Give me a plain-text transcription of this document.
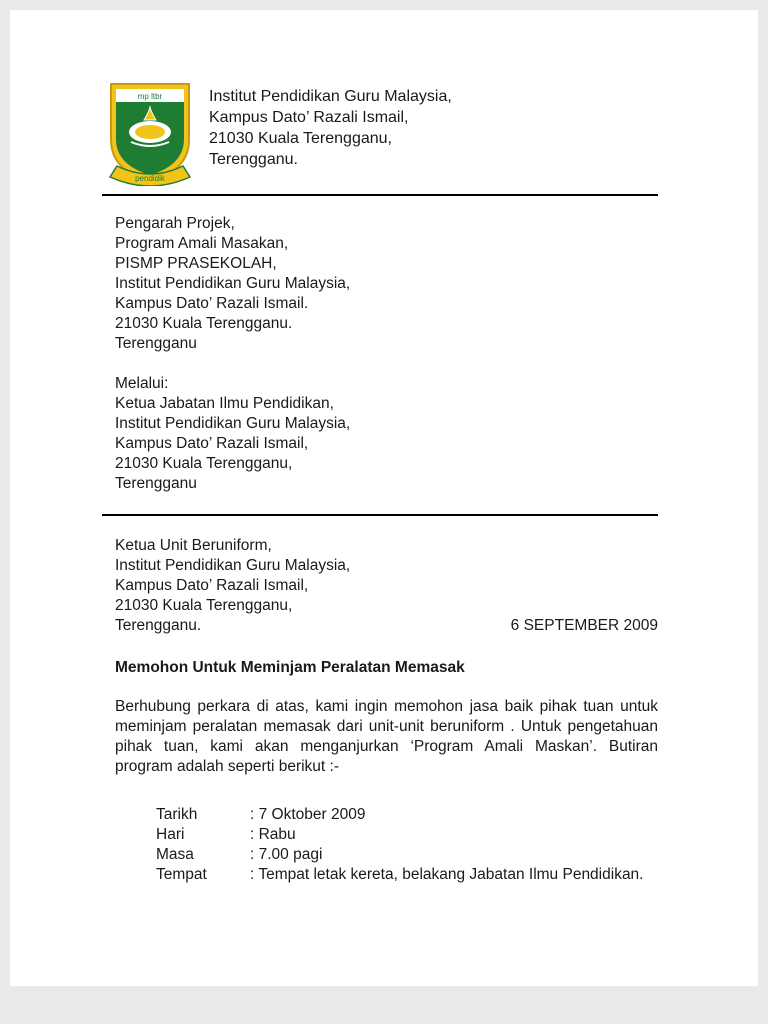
mp ltbr
pendidik
Institut Pendidikan Guru Malaysia,
Kampus Dato’ Razali Ismail,
21030 Kuala Terengganu,
Terengganu.
Pengarah Projek,
Program Amali Masakan,
PISMP PRASEKOLAH,
Institut Pendidikan Guru Malaysia,
Kampus Dato’ Razali Ismail.
21030 Kuala Terengganu.
Terengganu
Melalui:
Ketua Jabatan Ilmu Pendidikan,
Institut Pendidikan Guru Malaysia,
Kampus Dato’ Razali Ismail,
21030 Kuala Terengganu,
Terengganu
Ketua Unit Beruniform,
Institut Pendidikan Guru Malaysia,
Kampus Dato’ Razali Ismail,
21030 Kuala Terengganu,
Terengganu.	6 SEPTEMBER 2009
Memohon Untuk Meminjam Peralatan Memasak
Berhubung perkara di atas, kami ingin memohon jasa baik pihak tuan untuk meminjam peralatan memasak dari unit-unit beruniform . Untuk pengetahuan pihak tuan, kami akan menganjurkan ‘Program Amali Maskan’. Butiran program adalah seperti berikut :-
Tarikh	: 7 Oktober 2009
Hari	: Rabu
Masa	: 7.00 pagi
Tempat	: Tempat letak kereta, belakang Jabatan Ilmu Pendidikan.
